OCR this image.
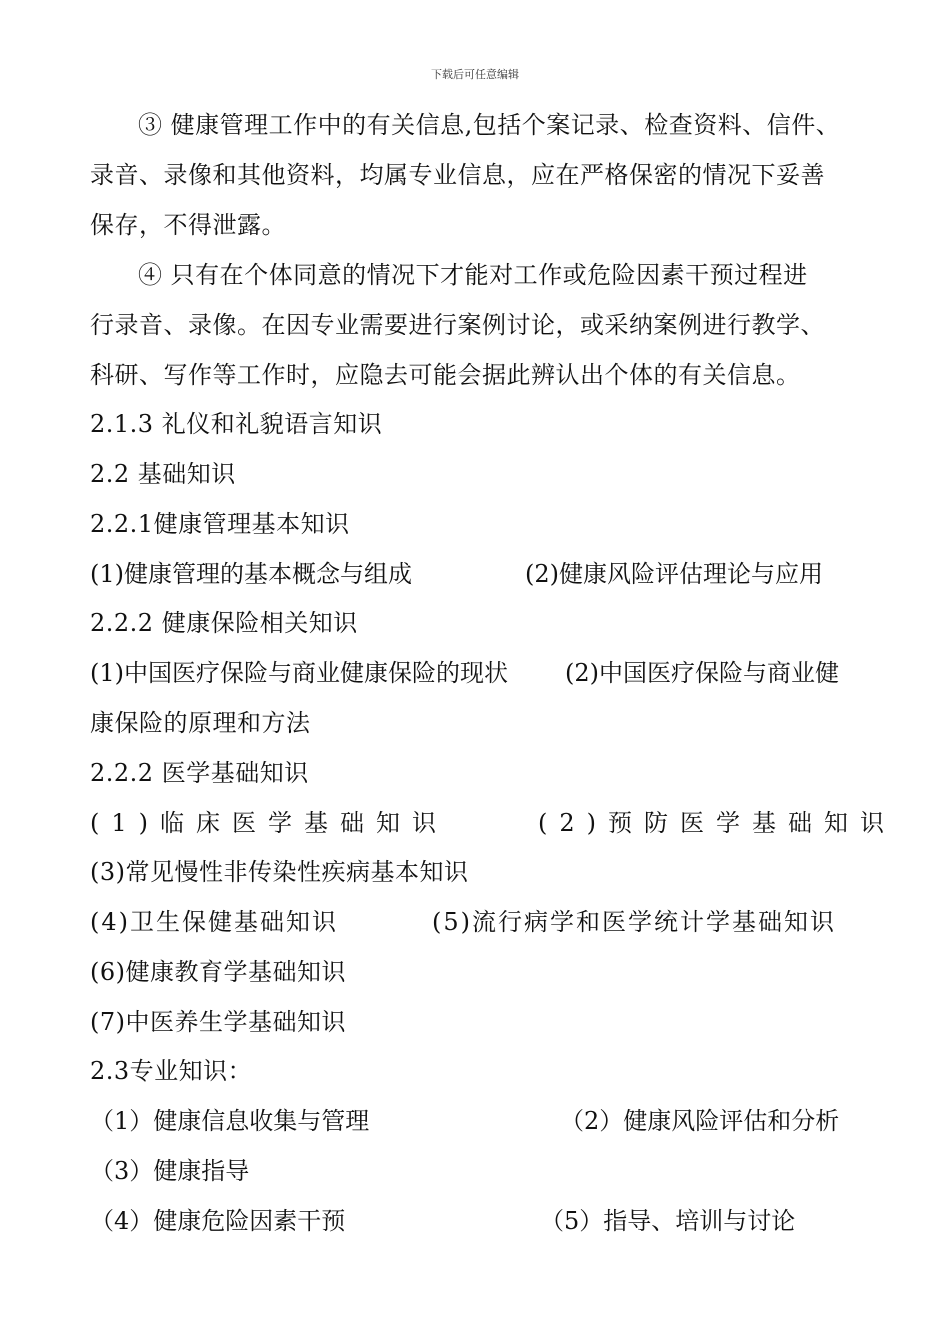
下载后可任意编辑
③ 健康管理工作中的有关信息,包括个案记录、检查资料、信件、
录音、录像和其他资料，均属专业信息，应在严格保密的情况下妥善
保存，不得泄露。
④ 只有在个体同意的情况下才能对工作或危险因素干预过程进
行录音、录像。在因专业需要进行案例讨论，或采纳案例进行教学、
科研、写作等工作时，应隐去可能会据此辨认出个体的有关信息。
2.1.3 礼仪和礼貌语言知识
2.2 基础知识
2.2.1健康管理基本知识
(1)健康管理的基本概念与组成	(2)健康风险评估理论与应用
2.2.2 健康保险相关知识
(1)中国医疗保险与商业健康保险的现状 (2)中国医疗保险与商业健
康保险的原理和方法
2.2.2 医学基础知识
(1)临床医学基础知识	(2)预防医学基础知识
(3)常见慢性非传染性疾病基本知识
(4)卫生保健基础知识	(5)流行病学和医学统计学基础知识
(6)健康教育学基础知识
(7)中医养生学基础知识
2.3专业知识：
（1）健康信息收集与管理	（2）健康风险评估和分析
（3）健康指导
（4）健康危险因素干预	（5）指导、培训与讨论
